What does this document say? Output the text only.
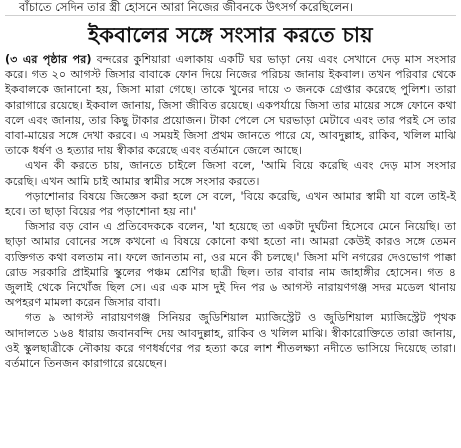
বাঁচাতে সেদিন তার স্ত্রী হোসনে আরা নিজের জীবনকে উৎসর্গ করেছিলেন।
ইকবালের সঙ্গে সংসার করতে চায়

(৩ এর পৃষ্ঠার পর) বন্দরের কুশিয়ারা এলাকায় একটি ঘর ভাড়া নেয় এবং সেখানে দেড় মাস সংসার করে। গত ২০ আগস্ট জিসার বাবাকে ফোন দিয়ে নিজের পরিচয় জানায় ইকবাল। তখন পরিবার থেকে ইকবালকে জানানো হয়, জিসা মারা গেছে। তাকে খুনের দায়ে ৩ জনকে গ্রেপ্তার করেছে পুলিশ। তারা কারাগারে রয়েছে। ইকবাল জানায়, জিসা জীবিত রয়েছে। একপর্যায়ে জিসা তার মায়ের সঙ্গে ফোনে কথা বলে এবং জানায়, তার কিছু টাকার প্রয়োজন। টাকা পেলে সে ঘরভাড়া মেটাবে এবং তার পরই সে তার বাবা-মায়ের সঙ্গে দেখা করবে। এ সময়ই জিসা প্রথম জানতে পারে যে, আবদুল্লাহ, রাকিব, খলিল মাঝি তাকে ধর্ষণ ও হত্যার দায় স্বীকার করেছে এবং বর্তমানে জেলে আছে।

এখন কী করতে চায়, জানতে চাইলে জিসা বলে, 'আমি বিয়ে করেছি এবং দেড় মাস সংসার করেছি। এখন আমি চাই আমার স্বামীর সঙ্গে সংসার করতে।

পড়াশোনার বিষয়ে জিজ্ঞেস করা হলে সে বলে, 'বিয়ে করেছি, এখন আমার স্বামী যা বলে তাই-ই হবে। তা ছাড়া বিয়ের পর পড়াশোনা হয় না।'

জিসার বড় বোন এ প্রতিবেদককে বলেন, 'যা হয়েছে তা একটা দুর্ঘটনা হিসেবে মেনে নিয়েছি। তা ছাড়া আমার বোনের সঙ্গে কখনো এ বিষয়ে কোনো কথা হতো না। আমরা কেউই কারও সঙ্গে তেমন ব্যক্তিগত কথা বলতাম না। ফলে জানতাম না, ওর মনে কী চলছে।' জিসা মণি নগরের দেওভোগ পাক্কা রোড সরকারি প্রাইমারি স্কুলের পঞ্চম শ্রেণির ছাত্রী ছিল। তার বাবার নাম জাহাঙ্গীর হোসেন। গত ৪ জুলাই থেকে নিখোঁজ ছিল সে। এর এক মাস দুই দিন পর ৬ আগস্ট নারায়ণগঞ্জ সদর মডেল থানায় অপহরণ মামলা করেন জিসার বাবা।

গত ৯ আগস্ট নারায়ণগঞ্জ সিনিয়র জুডিশিয়াল ম্যাজিস্ট্রেট ও জুডিশিয়াল ম্যাজিস্ট্রেট পৃথক আদালতে ১৬৪ ধারায় জবানবন্দি দেয় আবদুল্লাহ, রাকিব ও খলিল মাঝি। স্বীকারোক্তিতে তারা জানায়, ওই স্কুলছাত্রীকে নৌকায় করে গণধর্ষণের পর হত্যা করে লাশ শীতলক্ষ্যা নদীতে ভাসিয়ে দিয়েছে তারা। বর্তমানে তিনজন কারাগারে রয়েছেন।
